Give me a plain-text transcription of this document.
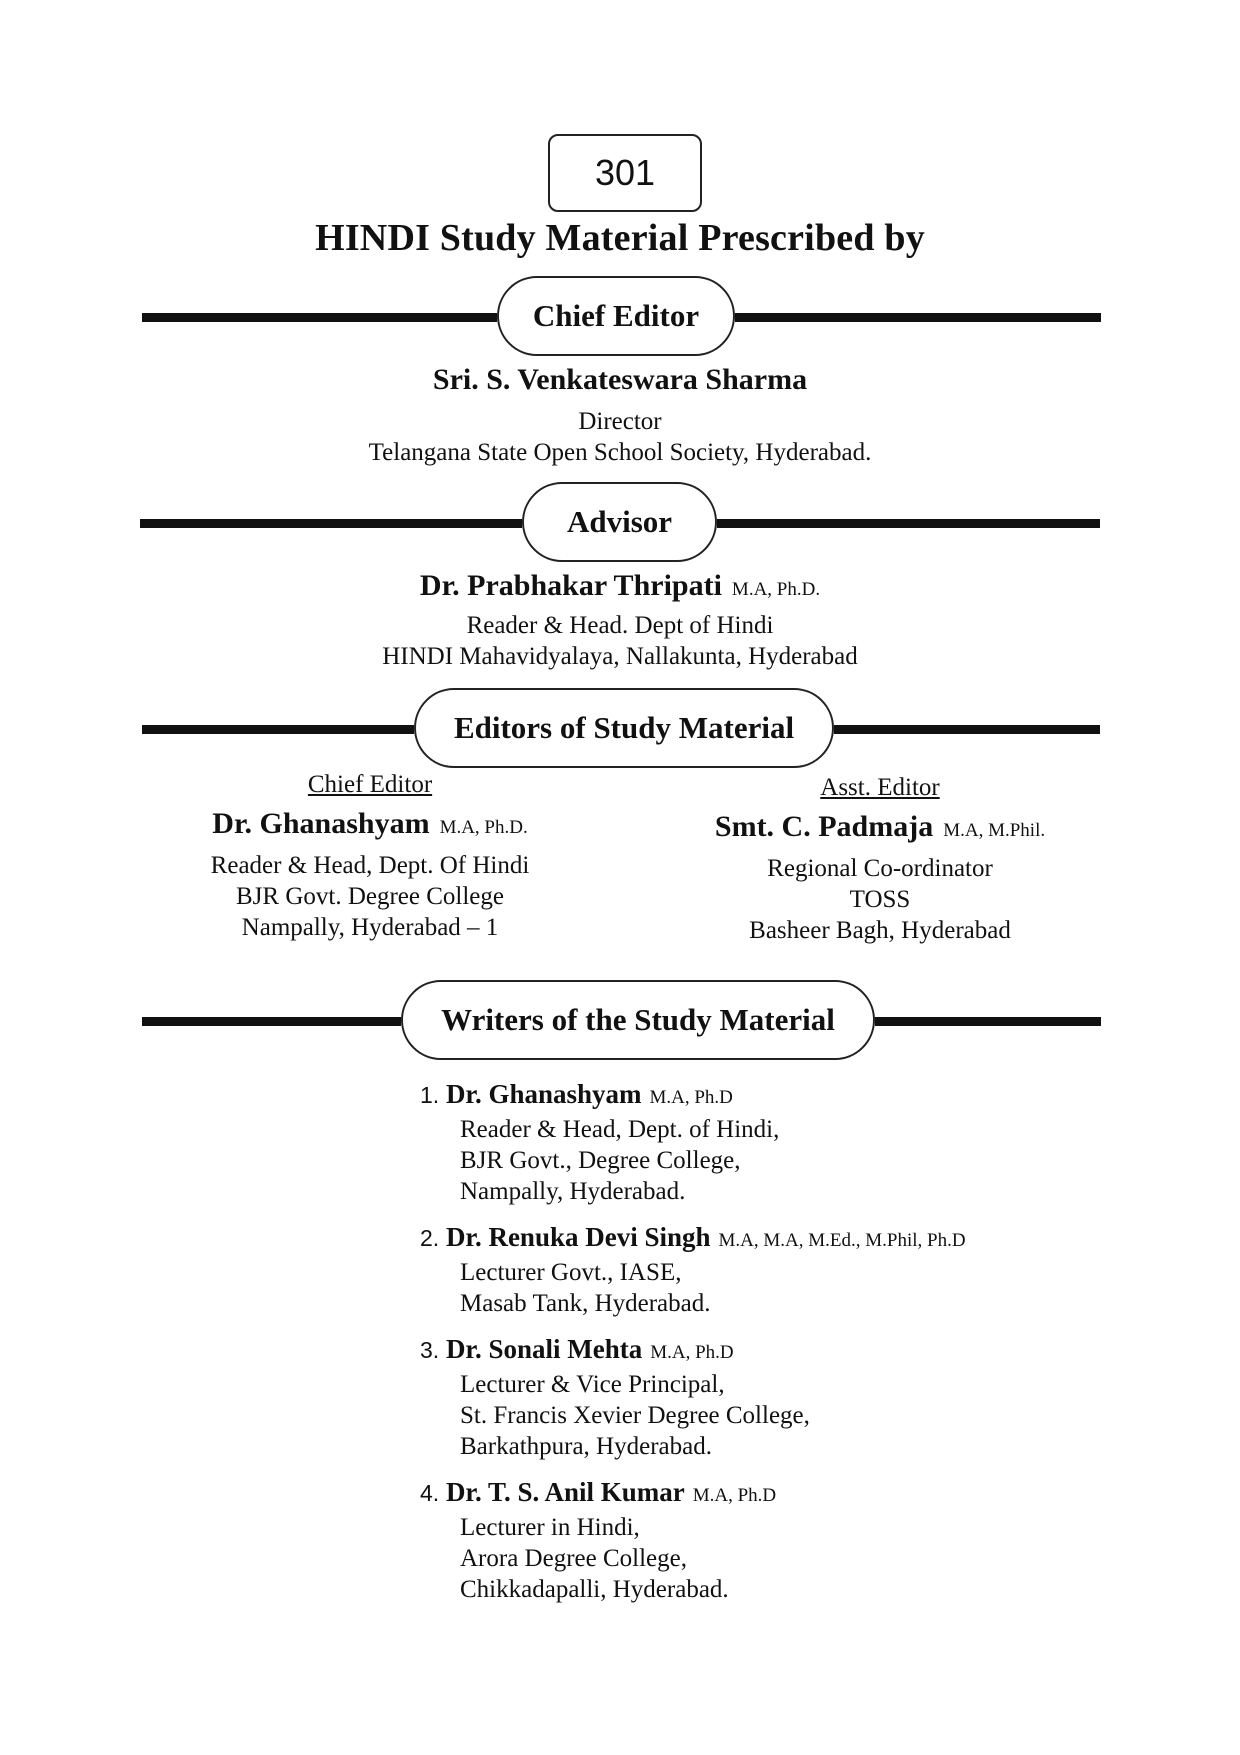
301
HINDI Study Material Prescribed by
Chief Editor
Sri. S. Venkateswara Sharma
Director
Telangana State Open School Society, Hyderabad.
Advisor
Dr. Prabhakar Thripati M.A, Ph.D.
Reader & Head. Dept of Hindi
HINDI Mahavidyalaya, Nallakunta, Hyderabad
Editors of Study Material
Chief Editor
Dr. Ghanashyam M.A, Ph.D.
Reader & Head, Dept. Of Hindi
BJR Govt. Degree College
Nampally, Hyderabad – 1
Asst. Editor
Smt. C. Padmaja M.A, M.Phil.
Regional Co-ordinator
TOSS
Basheer Bagh, Hyderabad
Writers of the Study Material
1. Dr. Ghanashyam M.A, Ph.D
Reader & Head, Dept. of Hindi,
BJR Govt., Degree College,
Nampally, Hyderabad.
2. Dr. Renuka Devi Singh M.A, M.A, M.Ed., M.Phil, Ph.D
Lecturer Govt., IASE,
Masab Tank, Hyderabad.
3. Dr. Sonali Mehta M.A, Ph.D
Lecturer & Vice Principal,
St. Francis Xevier Degree College,
Barkathpura, Hyderabad.
4. Dr. T. S. Anil Kumar M.A, Ph.D
Lecturer in Hindi,
Arora Degree College,
Chikkadapalli, Hyderabad.
